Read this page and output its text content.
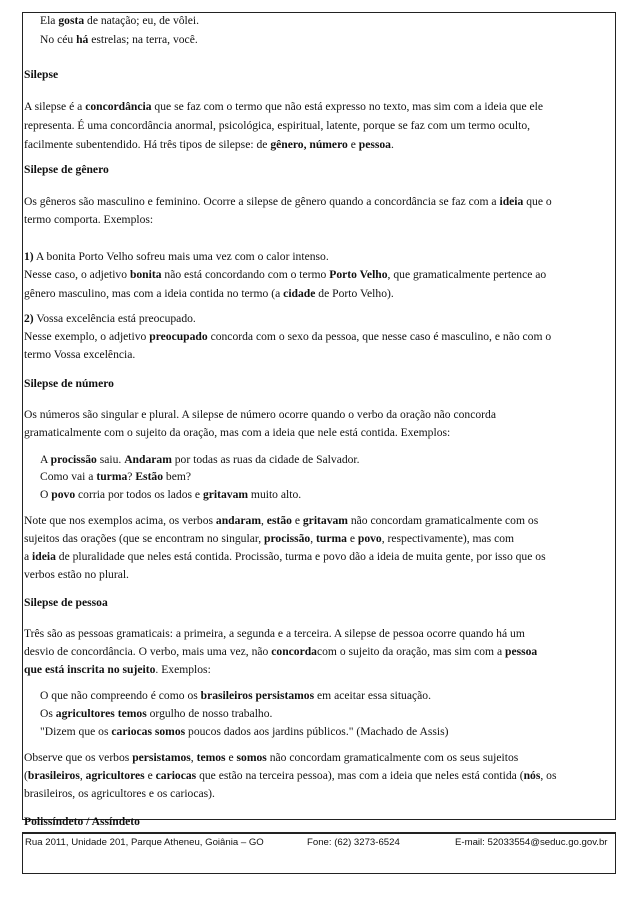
Ela gosta de natação; eu, de vôlei.
No céu há estrelas; na terra, você.
Silepse
A silepse é a concordância que se faz com o termo que não está expresso no texto, mas sim com a ideia que ele
representa. É uma concordância anormal, psicológica, espiritual, latente, porque se faz com um termo oculto,
facilmente subentendido. Há três tipos de silepse: de gênero, número e pessoa.
Silepse de gênero
Os gêneros são masculino e feminino. Ocorre a silepse de gênero quando a concordância se faz com a ideia que o
termo comporta. Exemplos:
1) A bonita Porto Velho sofreu mais uma vez com o calor intenso.
Nesse caso, o adjetivo bonita não está concordando com o termo Porto Velho, que gramaticalmente pertence ao
gênero masculino, mas com a ideia contida no termo (a cidade de Porto Velho).
2) Vossa excelência está preocupado.
Nesse exemplo, o adjetivo preocupado concorda com o sexo da pessoa, que nesse caso é masculino, e não com o
termo Vossa excelência.
Silepse de número
Os números são singular e plural. A silepse de número ocorre quando o verbo da oração não concorda
gramaticalmente com o sujeito da oração, mas com a ideia que nele está contida. Exemplos:
A procissão saiu. Andaram por todas as ruas da cidade de Salvador.
Como vai a turma? Estão bem?
O povo corria por todos os lados e gritavam muito alto.
Note que nos exemplos acima, os verbos andaram, estão e gritavam não concordam gramaticalmente com os
sujeitos das orações (que se encontram no singular, procissão, turma e povo, respectivamente), mas com
a ideia de pluralidade que neles está contida. Procissão, turma e povo dão a ideia de muita gente, por isso que os
verbos estão no plural.
Silepse de pessoa
Três são as pessoas gramaticais: a primeira, a segunda e a terceira. A silepse de pessoa ocorre quando há um
desvio de concordância. O verbo, mais uma vez, não concordacom o sujeito da oração, mas sim com a pessoa
que está inscrita no sujeito. Exemplos:
O que não compreendo é como os brasileiros persistamos em aceitar essa situação.
Os agricultores temos orgulho de nosso trabalho.
"Dizem que os cariocas somos poucos dados aos jardins públicos." (Machado de Assis)
Observe que os verbos persistamos, temos e somos não concordam gramaticalmente com os seus sujeitos
(brasileiros, agricultores e cariocas que estão na terceira pessoa), mas com a ideia que neles está contida (nós, os
brasileiros, os agricultores e os cariocas).
Polissíndeto / Assíndeto
Rua 2011, Unidade 201, Parque Atheneu, Goiânia – GO	Fone: (62) 3273-6524	E-mail: 52033554@seduc.go.gov.br
